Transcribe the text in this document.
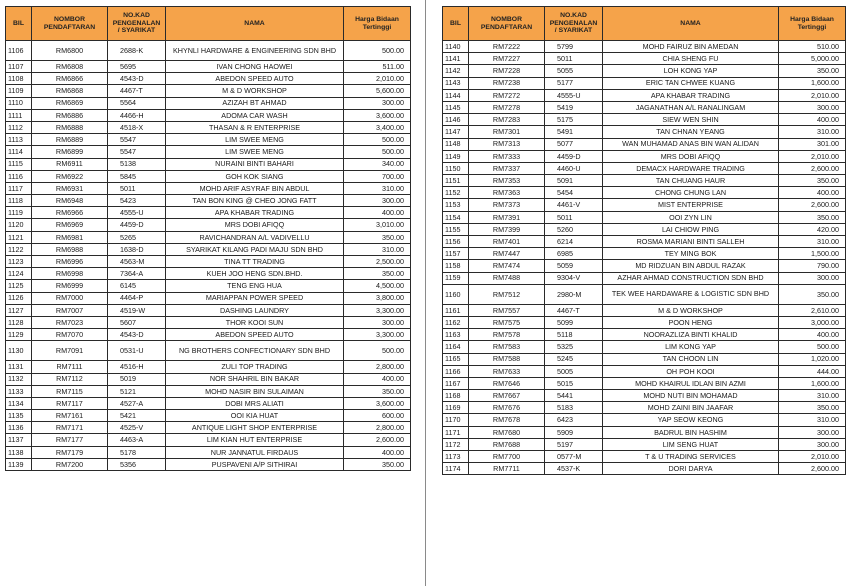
BIL	NOMBOR PENDAFTARAN	NO.KAD PENGENALAN / SYARIKAT	NAMA	Harga Bidaan Tertinggi
1106	RM6800	2688-K	KHYNLI HARDWARE & ENGINEERING SDN BHD	500.00
1107	RM6808	5695	IVAN CHONG HAOWEI	511.00
1108	RM6866	4543-D	ABEDON SPEED AUTO	2,010.00
1109	RM6868	4467-T	M & D WORKSHOP	5,600.00
1110	RM6869	5564	AZIZAH BT AHMAD	300.00
1111	RM6886	4466-H	ADOMA CAR WASH	3,600.00
1112	RM6888	4518-X	THASAN & R ENTERPRISE	3,400.00
1113	RM6889	5547	LIM SWEE MENG	500.00
1114	RM6899	5547	LIM SWEE MENG	500.00
1115	RM6911	5138	NURAINI BINTI BAHARI	340.00
1116	RM6922	5845	GOH KOK SIANG	700.00
1117	RM6931	5011	MOHD ARIF ASYRAF BIN ABDUL	310.00
1118	RM6948	5423	TAN BON KING @ CHEO JONG FATT	300.00
1119	RM6966	4555-U	APA KHABAR TRADING	400.00
1120	RM6969	4459-D	MRS DOBI AFIQQ	3,010.00
1121	RM6981	5265	RAVICHANDRAN A/L VADIVELLU	350.00
1122	RM6988	1638-D	SYARIKAT KILANG PADI MAJU SDN BHD	310.00
1123	RM6996	4563-M	TINA TT TRADING	2,500.00
1124	RM6998	7364-A	KUEH JOO HENG SDN.BHD.	350.00
1125	RM6999	6145	TENG ENG HUA	4,500.00
1126	RM7000	4464-P	MARIAPPAN POWER SPEED	3,800.00
1127	RM7007	4519-W	DASHING LAUNDRY	3,300.00
1128	RM7023	5607	THOR KOOI SUN	300.00
1129	RM7070	4543-D	ABEDON SPEED AUTO	3,300.00
1130	RM7091	0531-U	NG BROTHERS CONFECTIONARY SDN BHD	500.00
1131	RM7111	4516-H	ZULI TOP TRADING	2,800.00
1132	RM7112	5019	NOR SHAHRIL BIN BAKAR	400.00
1133	RM7115	5121	MOHD NASIR BIN SULAIMAN	350.00
1134	RM7117	4527-A	DOBI MRS ALIATI	3,600.00
1135	RM7161	5421	OOI KIA HUAT	600.00
1136	RM7171	4525-V	ANTIQUE LIGHT SHOP ENTERPRISE	2,800.00
1137	RM7177	4463-A	LIM KIAN HUT ENTERPRISE	2,600.00
1138	RM7179	5178	NUR JANNATUL FIRDAUS	400.00
1139	RM7200	5356	PUSPAVENI A/P SITHIRAI	350.00
BIL	NOMBOR PENDAFTARAN	NO.KAD PENGENALAN / SYARIKAT	NAMA	Harga Bidaan Tertinggi
1140	RM7222	5799	MOHD FAIRUZ BIN AMEDAN	510.00
1141	RM7227	5011	CHIA SHENG FU	5,000.00
1142	RM7228	5055	LOH KONG YAP	350.00
1143	RM7238	5177	ERIC TAN CHWEE KUANG	1,600.00
1144	RM7272	4555-U	APA KHABAR TRADING	2,010.00
1145	RM7278	5419	JAGANATHAN A/L RANALINGAM	300.00
1146	RM7283	5175	SIEW WEN SHIN	400.00
1147	RM7301	5491	TAN CHNAN YEANG	310.00
1148	RM7313	5077	WAN MUHAMAD ANAS BIN WAN ALIDAN	301.00
1149	RM7333	4459-D	MRS DOBI AFIQQ	2,010.00
1150	RM7337	4460-U	DEMACX HARDWARE TRADING	2,600.00
1151	RM7353	5091	TAN CHUANG HAUR	350.00
1152	RM7363	5454	CHONG CHUNG LAN	400.00
1153	RM7373	4461-V	MIST ENTERPRISE	2,600.00
1154	RM7391	5011	OOI ZYN LIN	350.00
1155	RM7399	5260	LAI CHIOW PING	420.00
1156	RM7401	6214	ROSMA MARIANI BINTI SALLEH	310.00
1157	RM7447	6985	TEY MING BOK	1,500.00
1158	RM7474	5059	MD RIDZUAN BIN ABDUL RAZAK	790.00
1159	RM7488	9304-V	AZHAR AHMAD CONSTRUCTION SDN BHD	300.00
1160	RM7512	2980-M	TEK WEE HARDAWARE & LOGISTIC SDN BHD	350.00
1161	RM7557	4467-T	M & D WORKSHOP	2,610.00
1162	RM7575	5099	POON HENG	3,000.00
1163	RM7578	5118	NOORAZLIZA BINTI KHALID	400.00
1164	RM7583	5325	LIM KONG YAP	500.00
1165	RM7588	5245	TAN CHOON LIN	1,020.00
1166	RM7633	5005	OH POH KOOI	444.00
1167	RM7646	5015	MOHD KHAIRUL IDLAN BIN AZMI	1,600.00
1168	RM7667	5441	MOHD NUTI BIN MOHAMAD	310.00
1169	RM7676	5183	MOHD ZAINI BIN JAAFAR	350.00
1170	RM7678	6423	YAP SEOW KEONG	310.00
1171	RM7680	5909	BADRUL BIN HASHIM	300.00
1172	RM7688	5197	LIM SENG HUAT	300.00
1173	RM7700	0577-M	T & U TRADING SERVICES	2,010.00
1174	RM7711	4537-K	DORI DARYA	2,600.00
